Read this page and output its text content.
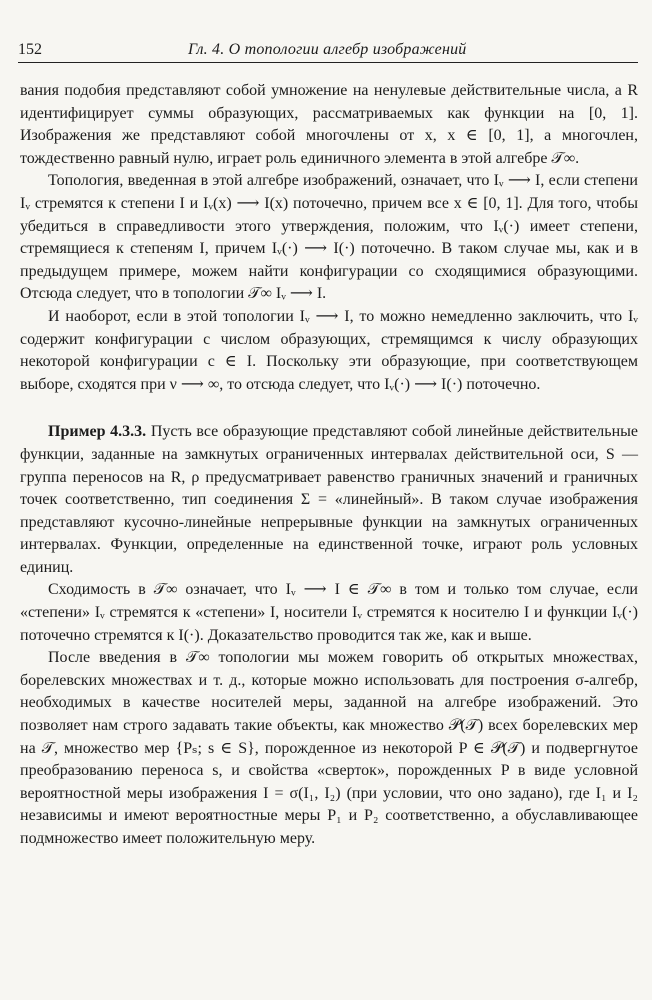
152	Гл. 4. О топологии алгебр изображений

вания подобия представляют собой умножение на ненулевые действительные числа, а R идентифицирует суммы образующих, рассматриваемых как функции на [0, 1]. Изображения же представляют собой многочлены от x, x ∈ [0, 1], а многочлен, тождественно равный нулю, играет роль единичного элемента в этой алгебре 𝒯∞.

Топология, введенная в этой алгебре изображений, означает, что Iᵥ ⟶ I, если степени Iᵥ стремятся к степени I и Iᵥ(x) ⟶ I(x) поточечно, причем все x ∈ [0, 1]. Для того, чтобы убедиться в справедливости этого утверждения, положим, что Iᵥ(·) имеет степени, стремящиеся к степеням I, причем Iᵥ(·) ⟶ I(·) поточечно. В таком случае мы, как и в предыдущем примере, можем найти конфигурации со сходящимися образующими. Отсюда следует, что в топологии 𝒯∞ Iᵥ ⟶ I.

И наоборот, если в этой топологии Iᵥ ⟶ I, то можно немедленно заключить, что Iᵥ содержит конфигурации с числом образующих, стремящимся к числу образующих некоторой конфигурации c ∈ I. Поскольку эти образующие, при соответствующем выборе, сходятся при ν ⟶ ∞, то отсюда следует, что Iᵥ(·) ⟶ I(·) поточечно.

Пример 4.3.3. Пусть все образующие представляют собой линейные действительные функции, заданные на замкнутых ограниченных интервалах действительной оси, S — группа переносов на R, ρ предусматривает равенство граничных значений и граничных точек соответственно, тип соединения Σ = «линейный». В таком случае изображения представляют кусочно-линейные непрерывные функции на замкнутых ограниченных интервалах. Функции, определенные на единственной точке, играют роль условных единиц.

Сходимость в 𝒯∞ означает, что Iᵥ ⟶ I ∈ 𝒯∞ в том и только том случае, если «степени» Iᵥ стремятся к «степени» I, носители Iᵥ стремятся к носителю I и функции Iᵥ(·) поточечно стремятся к I(·). Доказательство проводится так же, как и выше.

После введения в 𝒯∞ топологии мы можем говорить об открытых множествах, борелевских множествах и т. д., которые можно использовать для построения σ-алгебр, необходимых в качестве носителей меры, заданной на алгебре изображений. Это позволяет нам строго задавать такие объекты, как множество 𝒫(𝒯) всех борелевских мер на 𝒯, множество мер {Pₛ; s ∈ S}, порожденное из некоторой P ∈ 𝒫(𝒯) и подвергнутое преобразованию переноса s, и свойства «сверток», порожденных P в виде условной вероятностной меры изображения I = σ(I₁, I₂) (при условии, что оно задано), где I₁ и I₂ независимы и имеют вероятностные меры P₁ и P₂ соответственно, а обуславливающее подмножество имеет положительную меру.
